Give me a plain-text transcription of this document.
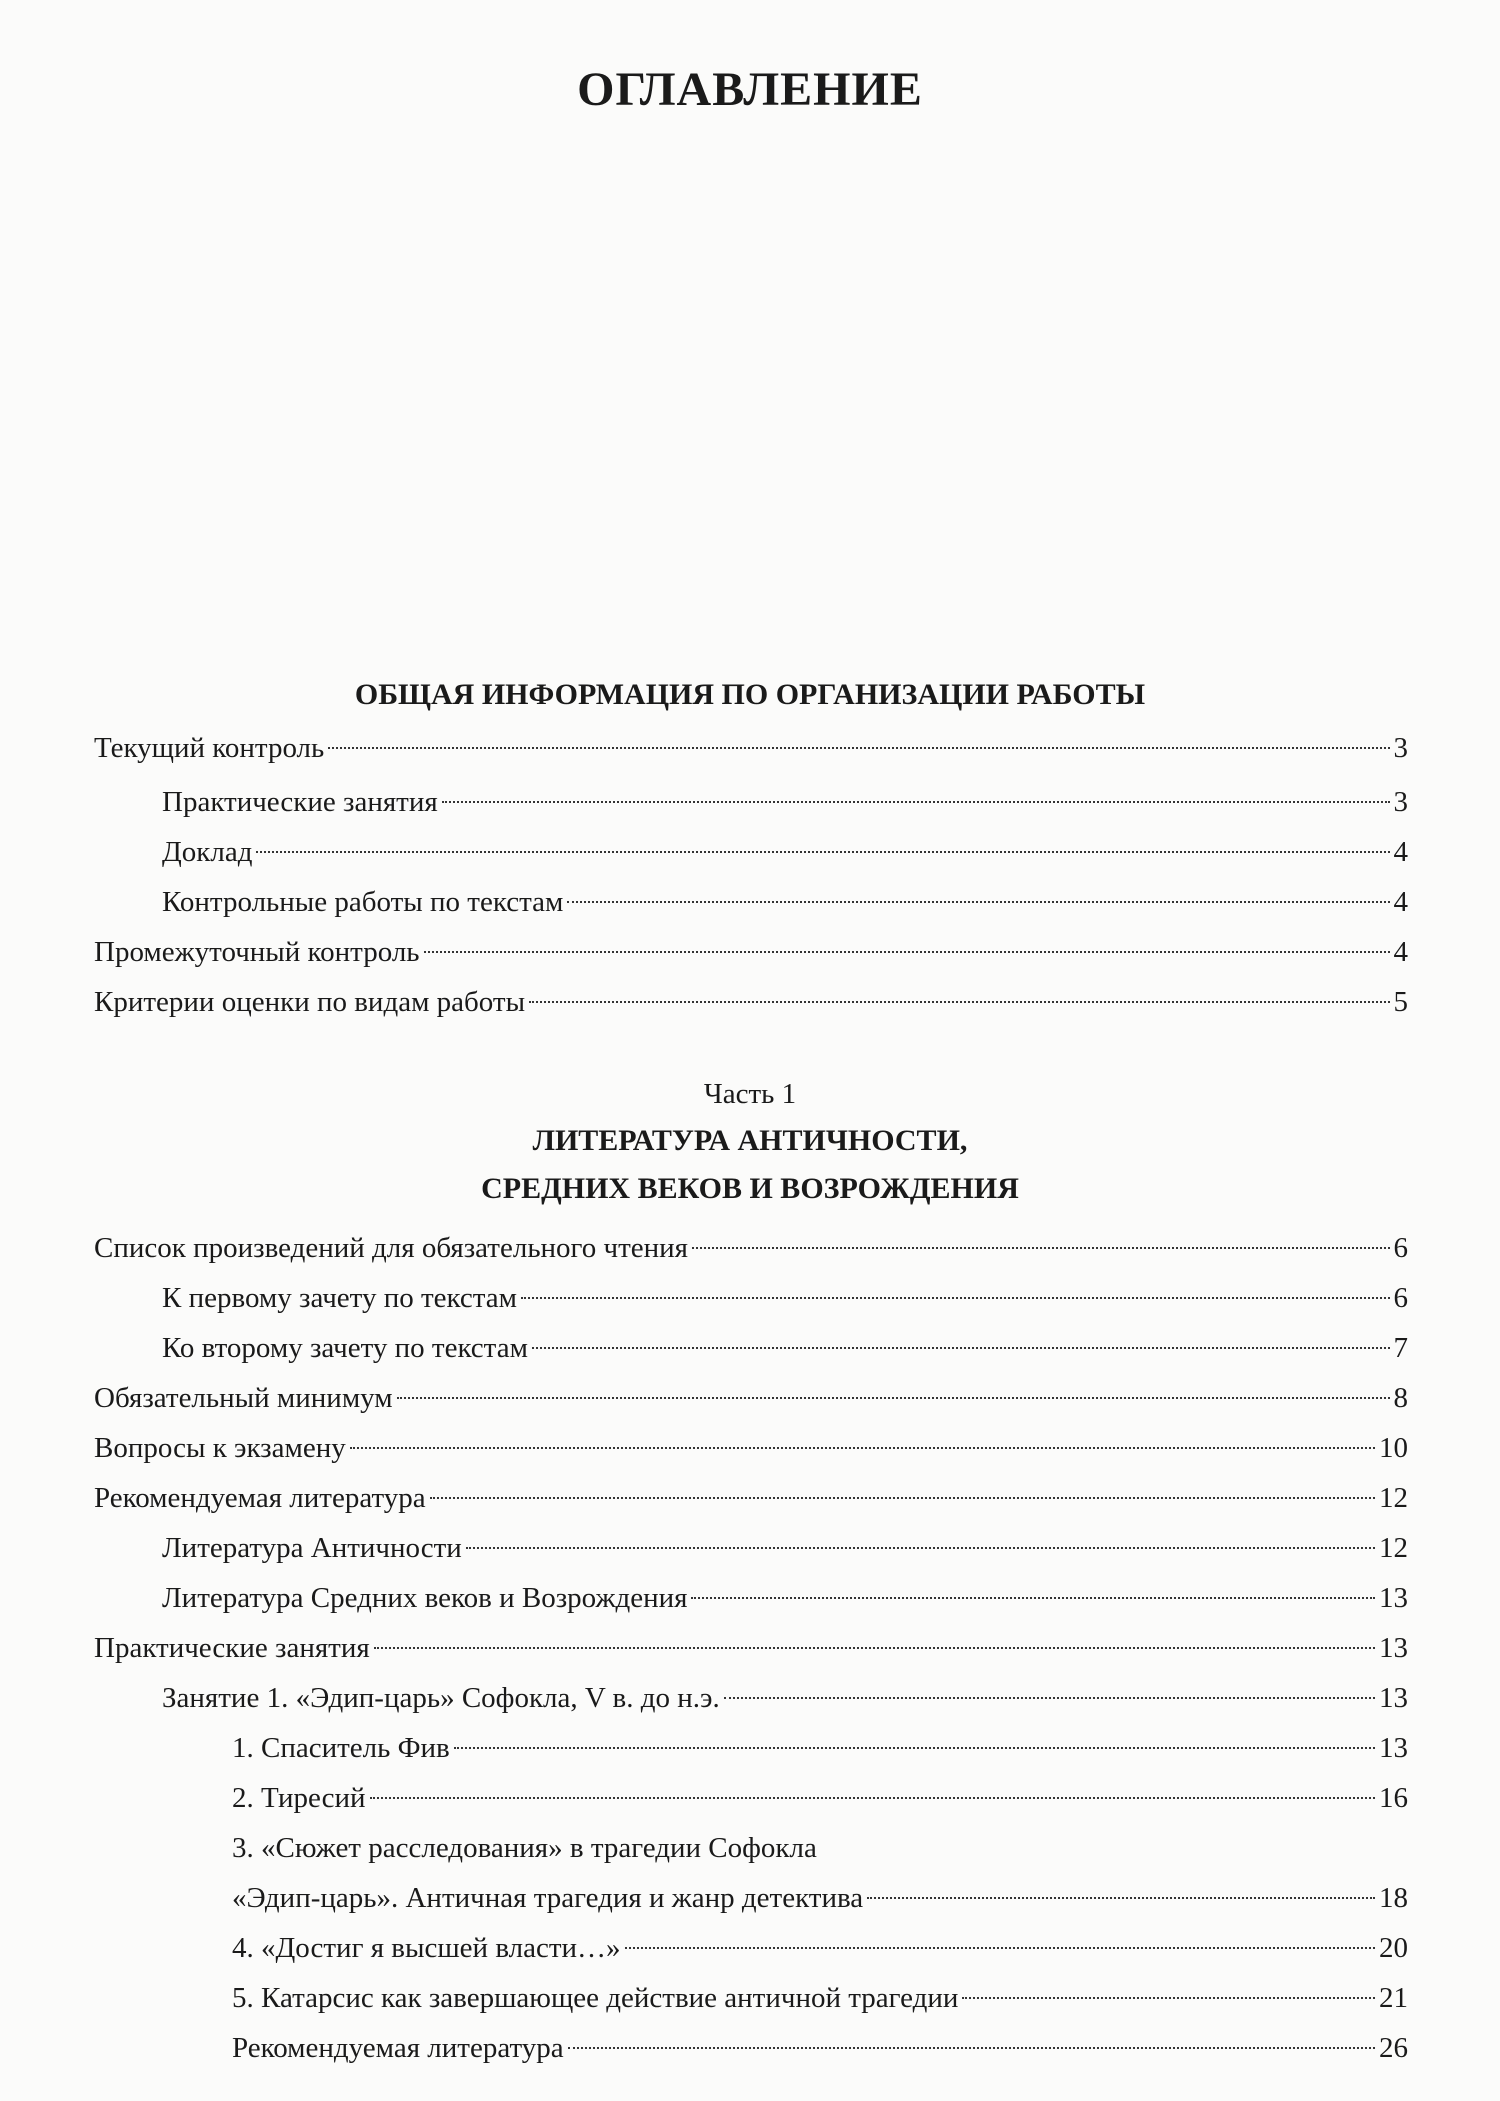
ОГЛАВЛЕНИЕ
ОБЩАЯ ИНФОРМАЦИЯ ПО ОРГАНИЗАЦИИ РАБОТЫ
Текущий контроль	3
Практические занятия	3
Доклад	4
Контрольные работы по текстам	4
Промежуточный контроль	4
Критерии оценки по видам работы	5
Часть 1
ЛИТЕРАТУРА АНТИЧНОСТИ,
СРЕДНИХ ВЕКОВ И ВОЗРОЖДЕНИЯ
Список произведений для обязательного чтения	6
К первому зачету по текстам	6
Ко второму зачету по текстам	7
Обязательный минимум	8
Вопросы к экзамену	10
Рекомендуемая литература	12
Литература Античности	12
Литература Средних веков и Возрождения	13
Практические занятия	13
Занятие 1. «Эдип-царь» Софокла, V в. до н.э.	13
1. Спаситель Фив	13
2. Тиресий	16
3. «Сюжет расследования» в трагедии Софокла
«Эдип-царь». Античная трагедия и жанр детектива	18
4. «Достиг я высшей власти…»	20
5. Катарсис как завершающее действие античной трагедии	21
Рекомендуемая литература	26
